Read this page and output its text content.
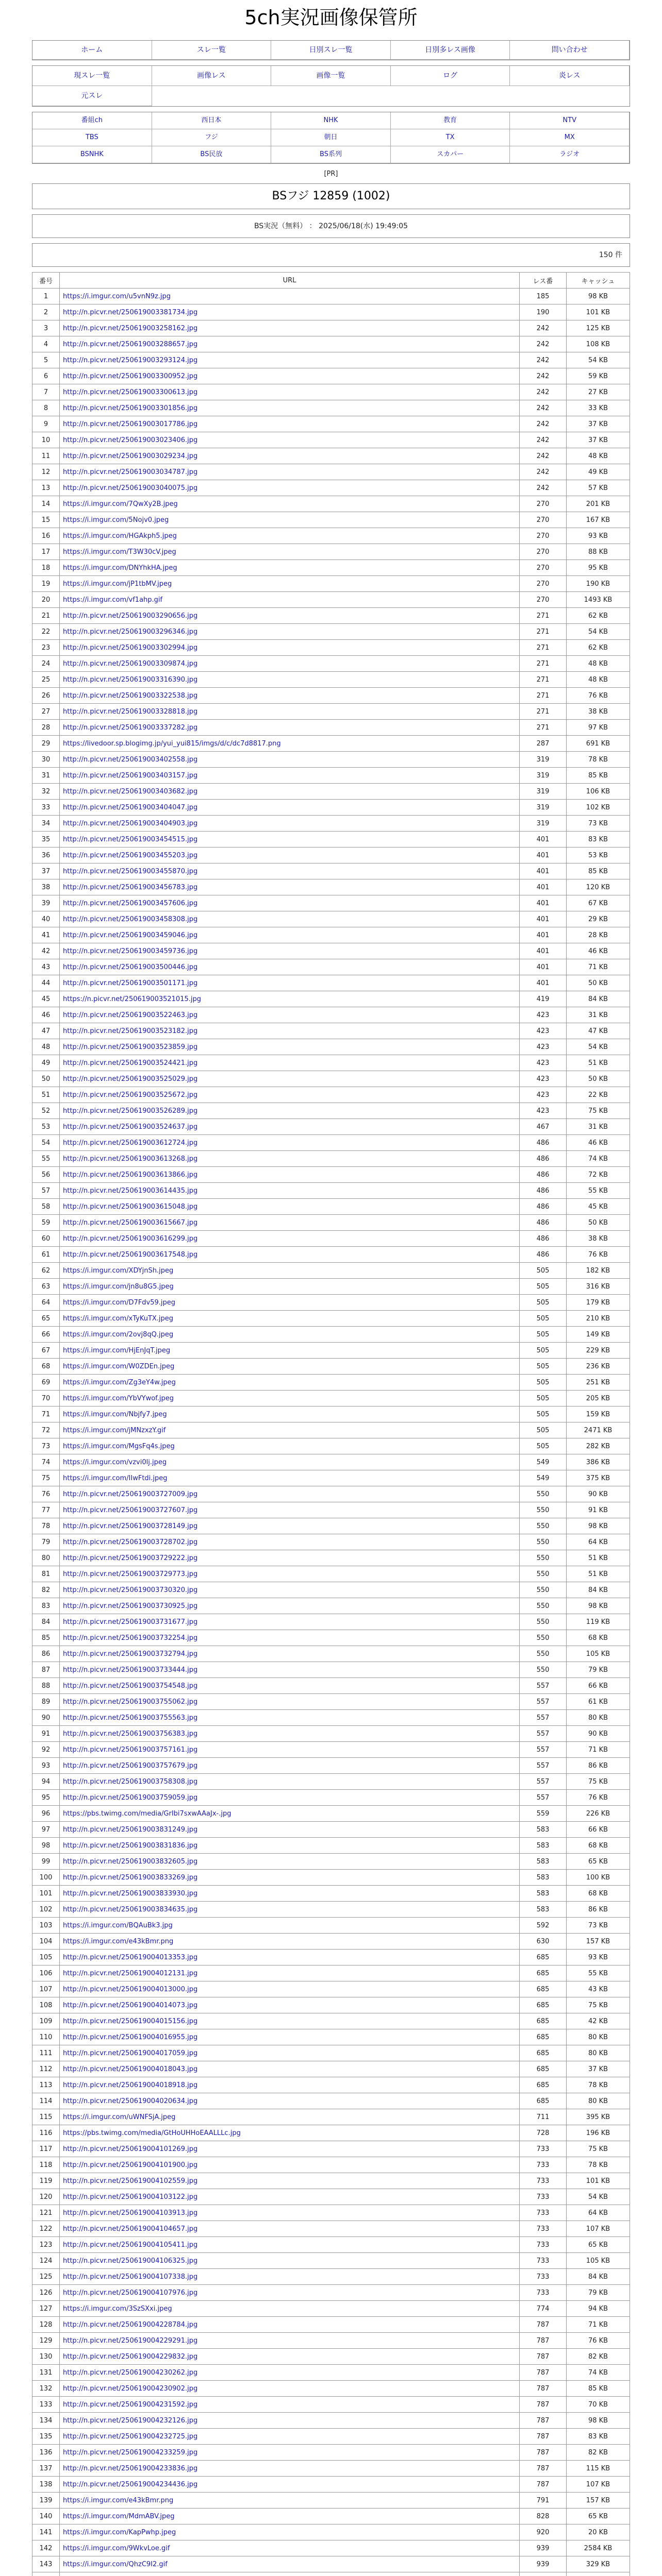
5ch実況画像保管所
ホーム	スレ一覧	日別スレ一覧	日別多レス画像	問い合わせ
現スレ一覧	画像レス	画像一覧	ログ	炎レス
元スレ
番組ch	西日本	NHK	教育	NTV
TBS	フジ	朝日	TX	MX
BSNHK	BS民放	BS系列	スカパー	ラジオ
[PR]
BSフジ 12859 (1002)
BS実況（無料） ： 2025/06/18(水) 19:49:05
150 件
番号	URL	レス番	キャッシュ
1	https://i.imgur.com/u5vnN9z.jpg	185	98 KB
2	http://n.picvr.net/250619003381734.jpg	190	101 KB
3	http://n.picvr.net/250619003258162.jpg	242	125 KB
4	http://n.picvr.net/250619003288657.jpg	242	108 KB
5	http://n.picvr.net/250619003293124.jpg	242	54 KB
6	http://n.picvr.net/250619003300952.jpg	242	59 KB
7	http://n.picvr.net/250619003300613.jpg	242	27 KB
8	http://n.picvr.net/250619003301856.jpg	242	33 KB
9	http://n.picvr.net/250619003017786.jpg	242	37 KB
10	http://n.picvr.net/250619003023406.jpg	242	37 KB
11	http://n.picvr.net/250619003029234.jpg	242	48 KB
12	http://n.picvr.net/250619003034787.jpg	242	49 KB
13	http://n.picvr.net/250619003040075.jpg	242	57 KB
14	https://i.imgur.com/7QwXy2B.jpeg	270	201 KB
15	https://i.imgur.com/5Nojv0.jpeg	270	167 KB
16	https://i.imgur.com/HGAkph5.jpeg	270	93 KB
17	https://i.imgur.com/T3W30cV.jpeg	270	88 KB
18	https://i.imgur.com/DNYhkHA.jpeg	270	95 KB
19	https://i.imgur.com/jP1tbMV.jpeg	270	190 KB
20	https://i.imgur.com/vf1ahp.gif	270	1493 KB
21	http://n.picvr.net/250619003290656.jpg	271	62 KB
22	http://n.picvr.net/250619003296346.jpg	271	54 KB
23	http://n.picvr.net/250619003302994.jpg	271	62 KB
24	http://n.picvr.net/250619003309874.jpg	271	48 KB
25	http://n.picvr.net/250619003316390.jpg	271	48 KB
26	http://n.picvr.net/250619003322538.jpg	271	76 KB
27	http://n.picvr.net/250619003328818.jpg	271	38 KB
28	http://n.picvr.net/250619003337282.jpg	271	97 KB
29	https://livedoor.sp.blogimg.jp/yui_yui815/imgs/d/c/dc7d8817.png	287	691 KB
30	http://n.picvr.net/250619003402558.jpg	319	78 KB
31	http://n.picvr.net/250619003403157.jpg	319	85 KB
32	http://n.picvr.net/250619003403682.jpg	319	106 KB
33	http://n.picvr.net/250619003404047.jpg	319	102 KB
34	http://n.picvr.net/250619003404903.jpg	319	73 KB
35	http://n.picvr.net/250619003454515.jpg	401	83 KB
36	http://n.picvr.net/250619003455203.jpg	401	53 KB
37	http://n.picvr.net/250619003455870.jpg	401	85 KB
38	http://n.picvr.net/250619003456783.jpg	401	120 KB
39	http://n.picvr.net/250619003457606.jpg	401	67 KB
40	http://n.picvr.net/250619003458308.jpg	401	29 KB
41	http://n.picvr.net/250619003459046.jpg	401	28 KB
42	http://n.picvr.net/250619003459736.jpg	401	46 KB
43	http://n.picvr.net/250619003500446.jpg	401	71 KB
44	http://n.picvr.net/250619003501171.jpg	401	50 KB
45	https://n.picvr.net/250619003521015.jpg	419	84 KB
46	http://n.picvr.net/250619003522463.jpg	423	31 KB
47	http://n.picvr.net/250619003523182.jpg	423	47 KB
48	http://n.picvr.net/250619003523859.jpg	423	54 KB
49	http://n.picvr.net/250619003524421.jpg	423	51 KB
50	http://n.picvr.net/250619003525029.jpg	423	50 KB
51	http://n.picvr.net/250619003525672.jpg	423	22 KB
52	http://n.picvr.net/250619003526289.jpg	423	75 KB
53	http://n.picvr.net/250619003524637.jpg	467	31 KB
54	http://n.picvr.net/250619003612724.jpg	486	46 KB
55	http://n.picvr.net/250619003613268.jpg	486	74 KB
56	http://n.picvr.net/250619003613866.jpg	486	72 KB
57	http://n.picvr.net/250619003614435.jpg	486	55 KB
58	http://n.picvr.net/250619003615048.jpg	486	45 KB
59	http://n.picvr.net/250619003615667.jpg	486	50 KB
60	http://n.picvr.net/250619003616299.jpg	486	38 KB
61	http://n.picvr.net/250619003617548.jpg	486	76 KB
62	https://i.imgur.com/XDYjnSh.jpeg	505	182 KB
63	https://i.imgur.com/jn8u8G5.jpeg	505	316 KB
64	https://i.imgur.com/D7Fdv59.jpeg	505	179 KB
65	https://i.imgur.com/xTyKuTX.jpeg	505	210 KB
66	https://i.imgur.com/2ovj8qQ.jpeg	505	149 KB
67	https://i.imgur.com/HjEnJqT.jpeg	505	229 KB
68	https://i.imgur.com/W0ZDEn.jpeg	505	236 KB
69	https://i.imgur.com/Zg3eY4w.jpeg	505	251 KB
70	https://i.imgur.com/YbVYwof.jpeg	505	205 KB
71	https://i.imgur.com/Nbjfy7.jpeg	505	159 KB
72	https://i.imgur.com/jMNzxzY.gif	505	2471 KB
73	https://i.imgur.com/MgsFq4s.jpeg	505	282 KB
74	https://i.imgur.com/vzvi0lj.jpeg	549	386 KB
75	https://i.imgur.com/IIwFtdi.jpeg	549	375 KB
76	http://n.picvr.net/250619003727009.jpg	550	90 KB
77	http://n.picvr.net/250619003727607.jpg	550	91 KB
78	http://n.picvr.net/250619003728149.jpg	550	98 KB
79	http://n.picvr.net/250619003728702.jpg	550	64 KB
80	http://n.picvr.net/250619003729222.jpg	550	51 KB
81	http://n.picvr.net/250619003729773.jpg	550	51 KB
82	http://n.picvr.net/250619003730320.jpg	550	84 KB
83	http://n.picvr.net/250619003730925.jpg	550	98 KB
84	http://n.picvr.net/250619003731677.jpg	550	119 KB
85	http://n.picvr.net/250619003732254.jpg	550	68 KB
86	http://n.picvr.net/250619003732794.jpg	550	105 KB
87	http://n.picvr.net/250619003733444.jpg	550	79 KB
88	http://n.picvr.net/250619003754548.jpg	557	66 KB
89	http://n.picvr.net/250619003755062.jpg	557	61 KB
90	http://n.picvr.net/250619003755563.jpg	557	80 KB
91	http://n.picvr.net/250619003756383.jpg	557	90 KB
92	http://n.picvr.net/250619003757161.jpg	557	71 KB
93	http://n.picvr.net/250619003757679.jpg	557	86 KB
94	http://n.picvr.net/250619003758308.jpg	557	75 KB
95	http://n.picvr.net/250619003759059.jpg	557	76 KB
96	https://pbs.twimg.com/media/GrIbi7sxwAAaJx-.jpg	559	226 KB
97	http://n.picvr.net/250619003831249.jpg	583	66 KB
98	http://n.picvr.net/250619003831836.jpg	583	68 KB
99	http://n.picvr.net/250619003832605.jpg	583	65 KB
100	http://n.picvr.net/250619003833269.jpg	583	100 KB
101	http://n.picvr.net/250619003833930.jpg	583	68 KB
102	http://n.picvr.net/250619003834635.jpg	583	86 KB
103	https://i.imgur.com/BQAuBk3.jpg	592	73 KB
104	https://i.imgur.com/e43kBmr.png	630	157 KB
105	http://n.picvr.net/250619004013353.jpg	685	93 KB
106	http://n.picvr.net/250619004012131.jpg	685	55 KB
107	http://n.picvr.net/250619004013000.jpg	685	43 KB
108	http://n.picvr.net/250619004014073.jpg	685	75 KB
109	http://n.picvr.net/250619004015156.jpg	685	42 KB
110	http://n.picvr.net/250619004016955.jpg	685	80 KB
111	http://n.picvr.net/250619004017059.jpg	685	80 KB
112	http://n.picvr.net/250619004018043.jpg	685	37 KB
113	http://n.picvr.net/250619004018918.jpg	685	78 KB
114	http://n.picvr.net/250619004020634.jpg	685	80 KB
115	https://i.imgur.com/uWNFSjA.jpeg	711	395 KB
116	https://pbs.twimg.com/media/GtHoUHHoEAALLLc.jpg	728	196 KB
117	http://n.picvr.net/250619004101269.jpg	733	75 KB
118	http://n.picvr.net/250619004101900.jpg	733	78 KB
119	http://n.picvr.net/250619004102559.jpg	733	101 KB
120	http://n.picvr.net/250619004103122.jpg	733	54 KB
121	http://n.picvr.net/250619004103913.jpg	733	64 KB
122	http://n.picvr.net/250619004104657.jpg	733	107 KB
123	http://n.picvr.net/250619004105411.jpg	733	65 KB
124	http://n.picvr.net/250619004106325.jpg	733	105 KB
125	http://n.picvr.net/250619004107338.jpg	733	84 KB
126	http://n.picvr.net/250619004107976.jpg	733	79 KB
127	https://i.imgur.com/3SzSXxi.jpeg	774	94 KB
128	http://n.picvr.net/250619004228784.jpg	787	71 KB
129	http://n.picvr.net/250619004229291.jpg	787	76 KB
130	http://n.picvr.net/250619004229832.jpg	787	82 KB
131	http://n.picvr.net/250619004230262.jpg	787	74 KB
132	http://n.picvr.net/250619004230902.jpg	787	85 KB
133	http://n.picvr.net/250619004231592.jpg	787	70 KB
134	http://n.picvr.net/250619004232126.jpg	787	98 KB
135	http://n.picvr.net/250619004232725.jpg	787	83 KB
136	http://n.picvr.net/250619004233259.jpg	787	82 KB
137	http://n.picvr.net/250619004233836.jpg	787	115 KB
138	http://n.picvr.net/250619004234436.jpg	787	107 KB
139	https://i.imgur.com/e43kBmr.png	791	157 KB
140	https://i.imgur.com/MdmABV.jpeg	828	65 KB
141	https://i.imgur.com/KapPwhp.jpeg	920	20 KB
142	https://i.imgur.com/9WkvLoe.gif	939	2584 KB
143	https://i.imgur.com/QhzC9I2.gif	939	329 KB
